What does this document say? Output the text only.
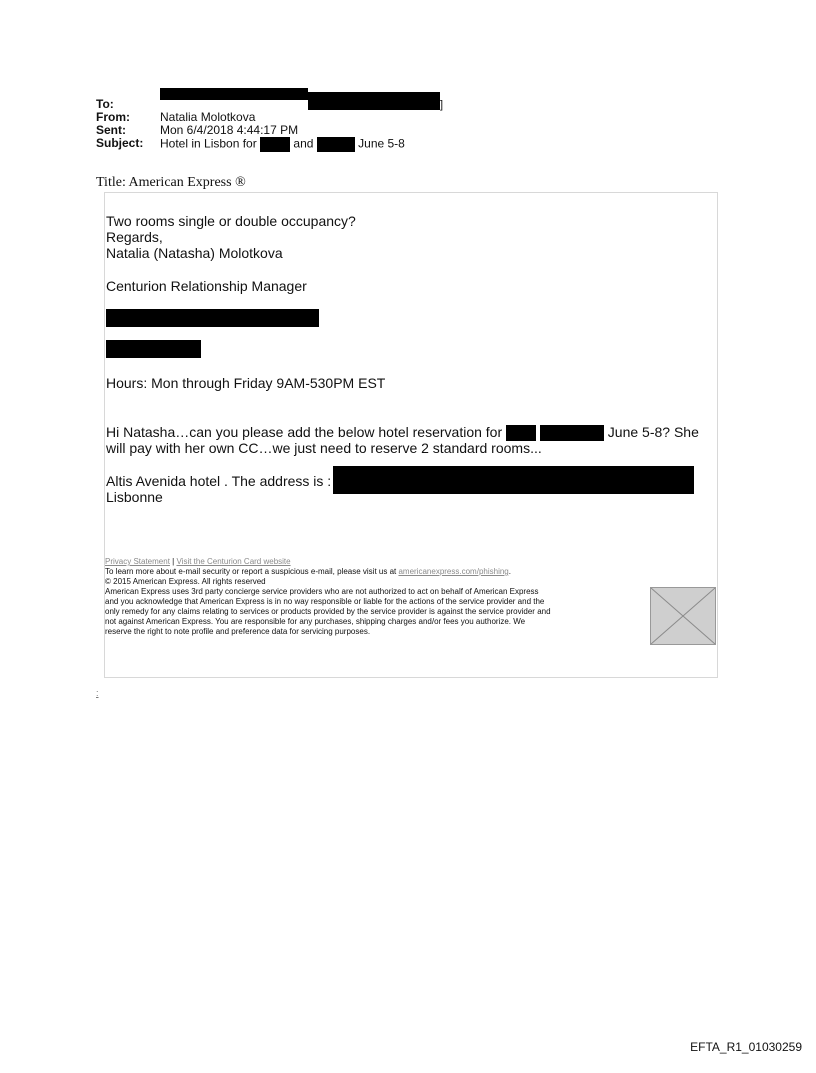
To:	]
From:	Natalia Molotkova
Sent:	Mon 6/4/2018 4:44:17 PM
Subject: Hotel in Lisbon for	and	June 5-8
Title: American Express ®
Two rooms single or double occupancy?
Regards,
Natalia (Natasha) Molotkova
Centurion Relationship Manager
Hours: Mon through Friday 9AM-530PM EST
Hi Natasha…can you please add the below hotel reservation for	June 5-8? She
will pay with her own CC…we just need to reserve 2 standard rooms...
Altis Avenida hotel . The address is :
Lisbonne
Privacy Statement | Visit the Centurion Card website
To learn more about e-mail security or report a suspicious e-mail, please visit us at americanexpress.com/phishing.
© 2015 American Express. All rights reserved
American Express uses 3rd party concierge service providers who are not authorized to act on behalf of American Express
and you acknowledge that American Express is in no way responsible or liable for the actions of the service provider and the
only remedy for any claims relating to services or products provided by the service provider is against the service provider and
not against American Express. You are responsible for any purchases, shipping charges and/or fees you authorize. We
reserve the right to note profile and preference data for servicing purposes.
:
EFTA_R1_01030259
